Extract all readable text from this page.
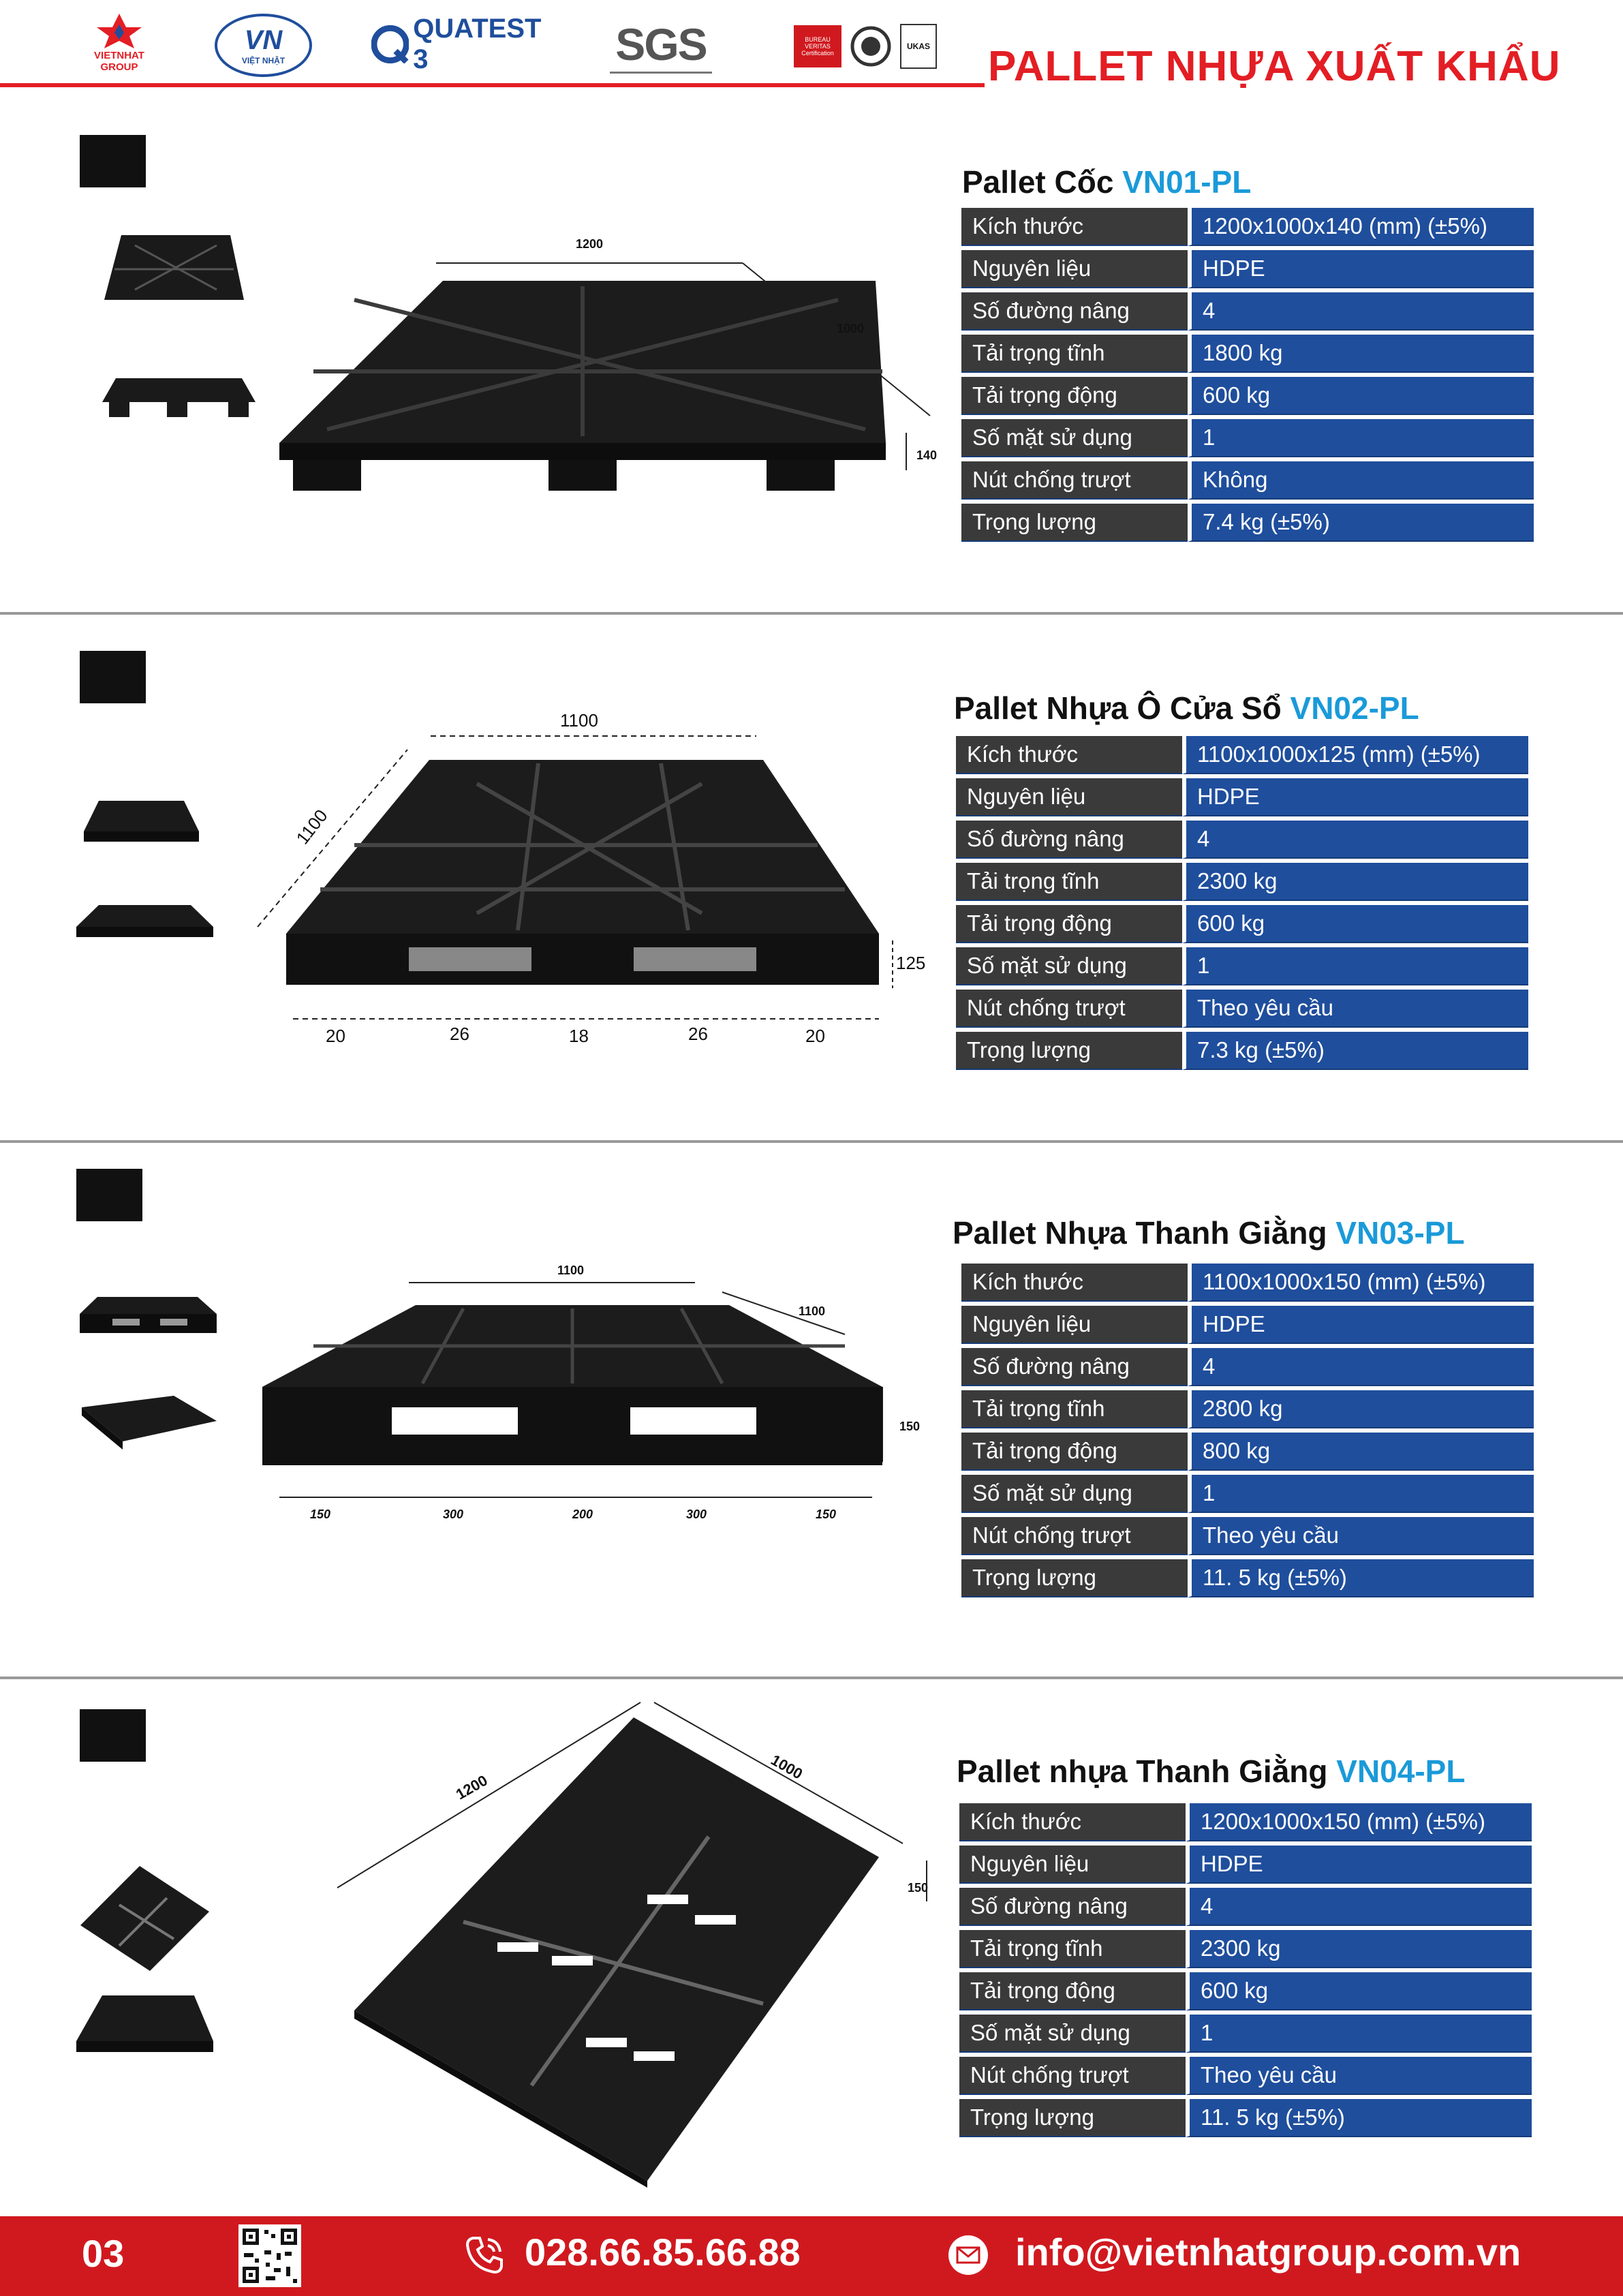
VIETNHAT GROUP
VN
VIỆT NHẬT
QUATEST 3	SGS	BUREAU VERITAS Certification
UKAS PALLET NHỰA XUẤT KHẨU
1200
1000
140
Pallet Cốc VN01-PL
Kích thước	1200x1000x140 (mm) (±5%)
Nguyên liệu	HDPE
Số đường nâng	4
Tải trọng tĩnh	1800 kg
Tải trọng động	600 kg
Số mặt sử dụng	1
Nút chống trượt	Không
Trọng lượng	7.4 kg (±5%)
1100
1100
125
20	26	18	26	20
Pallet Nhựa Ô Cửa Sổ VN02-PL
Kích thước	1100x1000x125 (mm) (±5%)
Nguyên liệu	HDPE
Số đường nâng	4
Tải trọng tĩnh	2300 kg
Tải trọng động	600 kg
Số mặt sử dụng	1
Nút chống trượt	Theo yêu cầu
Trọng lượng	7.3 kg (±5%)
1100
1100
150
150	300	200	300	150
Pallet Nhựa Thanh Giằng VN03-PL
Kích thước	1100x1000x150 (mm) (±5%)
Nguyên liệu	HDPE
Số đường nâng	4
Tải trọng tĩnh	2800 kg
Tải trọng động	800 kg
Số mặt sử dụng	1
Nút chống trượt	Theo yêu cầu
Trọng lượng	11. 5 kg (±5%)
1200
1000
150
Pallet nhựa Thanh Giằng VN04-PL
Kích thước	1200x1000x150 (mm) (±5%)
Nguyên liệu	HDPE
Số đường nâng	4
Tải trọng tĩnh	2300 kg
Tải trọng động	600 kg
Số mặt sử dụng	1
Nút chống trượt	Theo yêu cầu
Trọng lượng	11. 5 kg (±5%)
03	028.66.85.66.88	info@vietnhatgroup.com.vn
